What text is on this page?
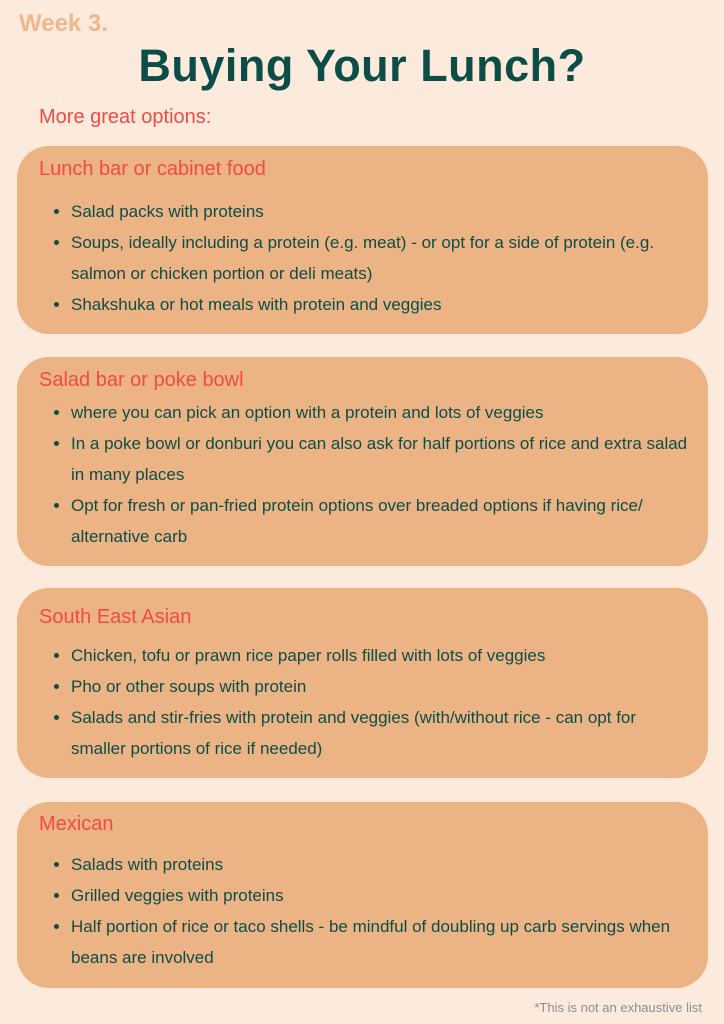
Week 3.
Buying Your Lunch?
More great options:
Lunch bar or cabinet food
• Salad packs with proteins
• Soups, ideally including a protein (e.g. meat) - or opt for a side of protein (e.g. salmon or chicken portion or deli meats)
• Shakshuka or hot meals with protein and veggies
Salad bar or poke bowl
• where you can pick an option with a protein and lots of veggies
• In a poke bowl or donburi you can also ask for half portions of rice and extra salad in many places
• Opt for fresh or pan-fried protein options over breaded options if having rice/ alternative carb
South East Asian
• Chicken, tofu or prawn rice paper rolls filled with lots of veggies
• Pho or other soups with protein
• Salads and stir-fries with protein and veggies (with/without rice - can opt for smaller portions of rice if needed)
Mexican
• Salads with proteins
• Grilled veggies with proteins
• Half portion of rice or taco shells - be mindful of doubling up carb servings when beans are involved
*This is not an exhaustive list
